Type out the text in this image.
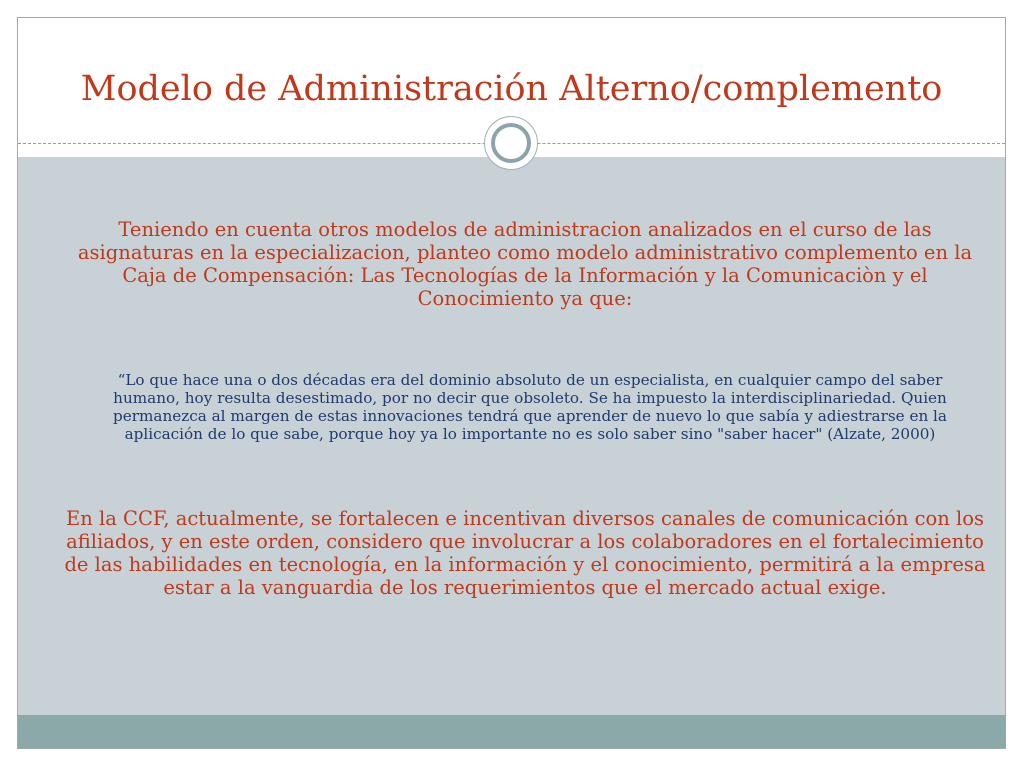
Modelo de Administración Alterno/complemento

Teniendo en cuenta otros modelos de administracion analizados en el curso de las asignaturas en la especializacion, planteo como modelo administrativo complemento en la Caja de Compensación: Las Tecnologías de la Información y la Comunicaciòn y el Conocimiento ya que:

“Lo que hace una o dos décadas era del dominio absoluto de un especialista, en cualquier campo del saber humano, hoy resulta desestimado, por no decir que obsoleto. Se ha impuesto la interdisciplinariedad. Quien permanezca al margen de estas innovaciones tendrá que aprender de nuevo lo que sabía y adiestrarse en la aplicación de lo que sabe, porque hoy ya lo importante no es solo saber sino "saber hacer" (Alzate, 2000)

En la CCF, actualmente, se fortalecen e incentivan diversos canales de comunicación con los afiliados, y en este orden, considero que involucrar a los colaboradores en el fortalecimiento de las habilidades en tecnología, en la información y el conocimiento, permitirá a la empresa estar a la vanguardia de los requerimientos que el mercado actual exige.
